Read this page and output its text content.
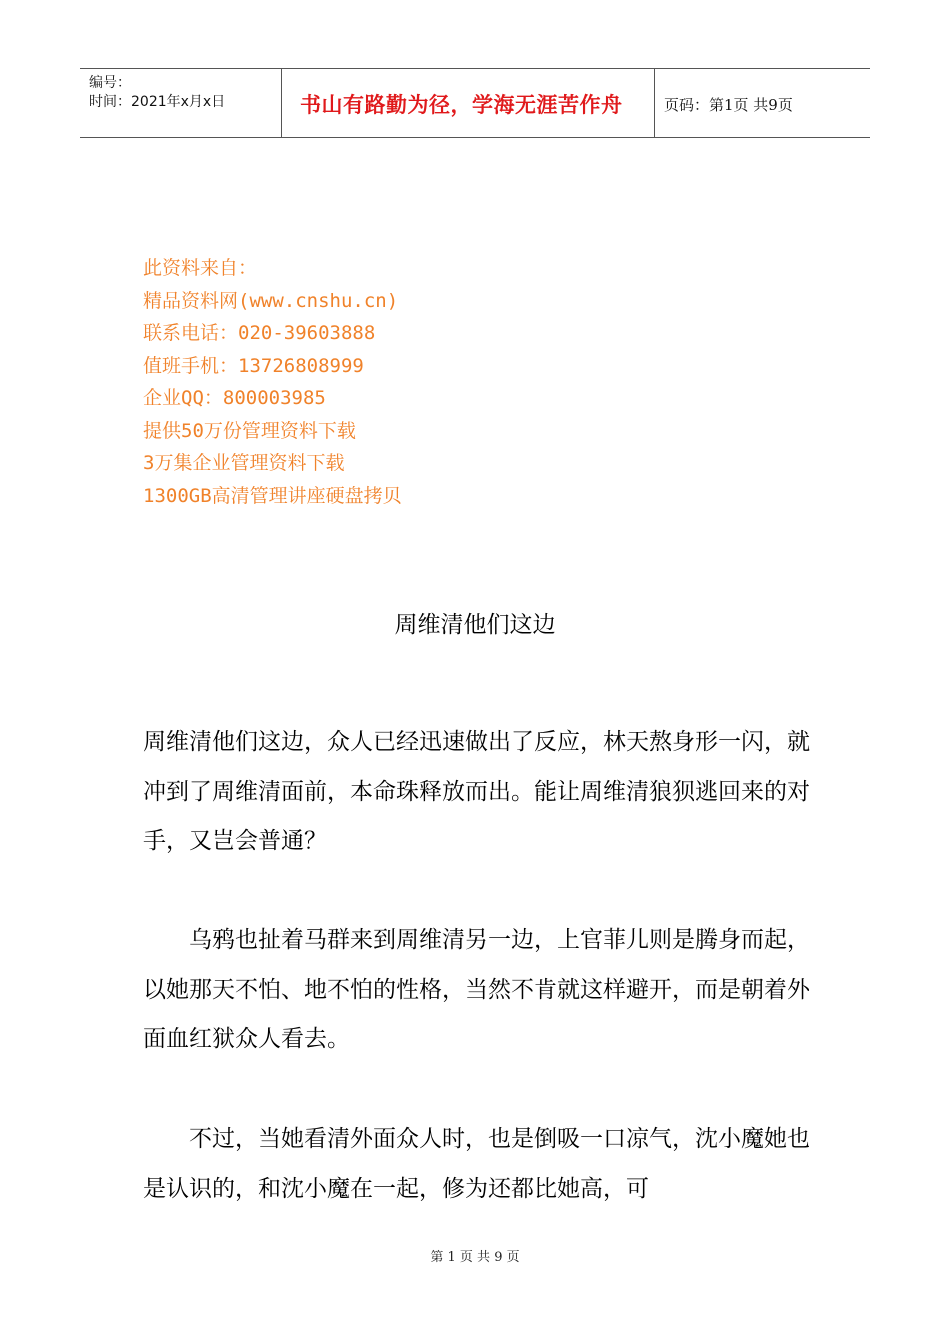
编号：
时间：2021年x月x日	书山有路勤为径，学海无涯苦作舟	页码：第1页 共9页
此资料来自：
精品资料网(www.cnshu.cn)
联系电话：020-39603888
值班手机：13726808999
企业QQ：800003985
提供50万份管理资料下载
3万集企业管理资料下载
1300GB高清管理讲座硬盘拷贝
周维清他们这边

周维清他们这边，众人已经迅速做出了反应，林天熬身形一闪，就冲到了周维清面前，本命珠释放而出。能让周维清狼狈逃回来的对手，又岂会普通？

乌鸦也扯着马群来到周维清另一边，上官菲儿则是腾身而起，以她那天不怕、地不怕的性格，当然不肯就这样避开，而是朝着外面血红狱众人看去。

不过，当她看清外面众人时，也是倒吸一口凉气，沈小魔她也是认识的，和沈小魔在一起，修为还都比她高，可

第 1 页 共 9 页
